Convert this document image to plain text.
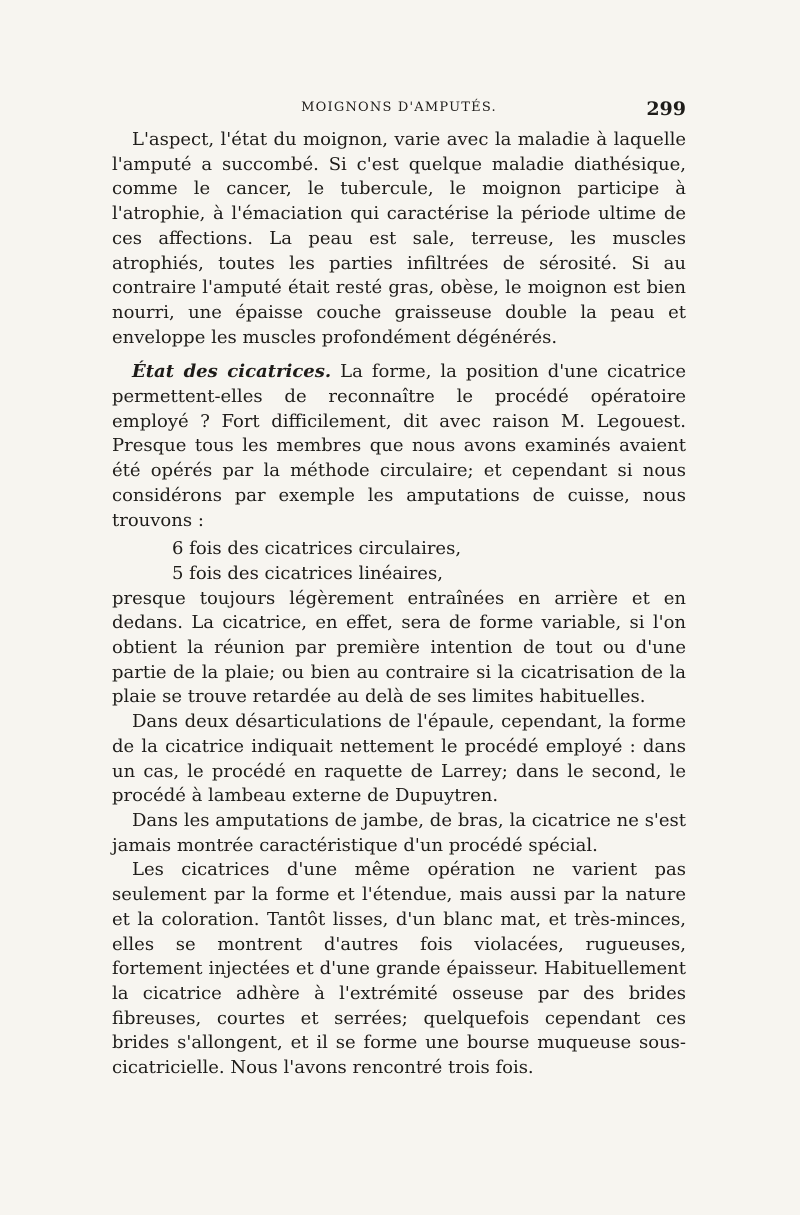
MOIGNONS D'AMPUTÉS.	299

L'aspect, l'état du moignon, varie avec la maladie à laquelle l'amputé a succombé. Si c'est quelque maladie diathésique, comme le cancer, le tubercule, le moignon participe à l'atrophie, à l'émaciation qui caractérise la période ultime de ces affections. La peau est sale, terreuse, les muscles atrophiés, toutes les parties infiltrées de sérosité. Si au contraire l'amputé était resté gras, obèse, le moignon est bien nourri, une épaisse couche graisseuse double la peau et enveloppe les muscles profondément dégénérés.

État des cicatrices. La forme, la position d'une cicatrice permettent-elles de reconnaître le procédé opératoire employé ? Fort difficilement, dit avec raison M. Legouest. Presque tous les membres que nous avons examinés avaient été opérés par la méthode circulaire; et cependant si nous considérons par exemple les amputations de cuisse, nous trouvons :

6 fois des cicatrices circulaires,
5 fois des cicatrices linéaires,

presque toujours légèrement entraînées en arrière et en dedans. La cicatrice, en effet, sera de forme variable, si l'on obtient la réunion par première intention de tout ou d'une partie de la plaie; ou bien au contraire si la cicatrisation de la plaie se trouve retardée au delà de ses limites habituelles.

Dans deux désarticulations de l'épaule, cependant, la forme de la cicatrice indiquait nettement le procédé employé : dans un cas, le procédé en raquette de Larrey; dans le second, le procédé à lambeau externe de Dupuytren.

Dans les amputations de jambe, de bras, la cicatrice ne s'est jamais montrée caractéristique d'un procédé spécial.

Les cicatrices d'une même opération ne varient pas seulement par la forme et l'étendue, mais aussi par la nature et la coloration. Tantôt lisses, d'un blanc mat, et très-minces, elles se montrent d'autres fois violacées, rugueuses, fortement injectées et d'une grande épaisseur. Habituellement la cicatrice adhère à l'extrémité osseuse par des brides fibreuses, courtes et serrées; quelquefois cependant ces brides s'allongent, et il se forme une bourse muqueuse sous-cicatricielle. Nous l'avons rencontré trois fois.
